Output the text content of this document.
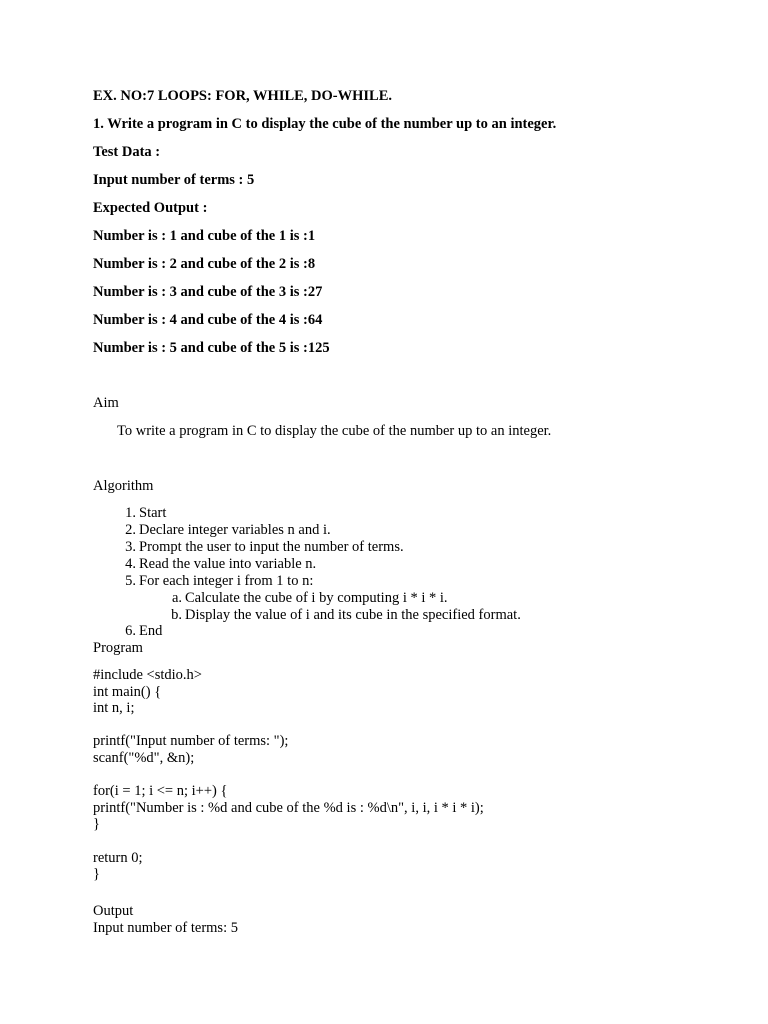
EX. NO:7 LOOPS: FOR, WHILE, DO-WHILE.
1. Write a program in C to display the cube of the number up to an integer.
Test Data :
Input number of terms : 5
Expected Output :
Number is : 1 and cube of the 1 is :1
Number is : 2 and cube of the 2 is :8
Number is : 3 and cube of the 3 is :27
Number is : 4 and cube of the 4 is :64
Number is : 5 and cube of the 5 is :125
Aim
To write a program in C to display the cube of the number up to an integer.
Algorithm
1. Start
2. Declare integer variables n and i.
3. Prompt the user to input the number of terms.
4. Read the value into variable n.
5. For each integer i from 1 to n:
a. Calculate the cube of i by computing i * i * i.
b. Display the value of i and its cube in the specified format.
6. End
Program
#include <stdio.h>
int main() {
int n, i;
printf("Input number of terms: ");
scanf("%d", &n);
for(i = 1; i <= n; i++) {
printf("Number is : %d and cube of the %d is : %d\n", i, i, i * i * i);
}
return 0;
}
Output
Input number of terms: 5
